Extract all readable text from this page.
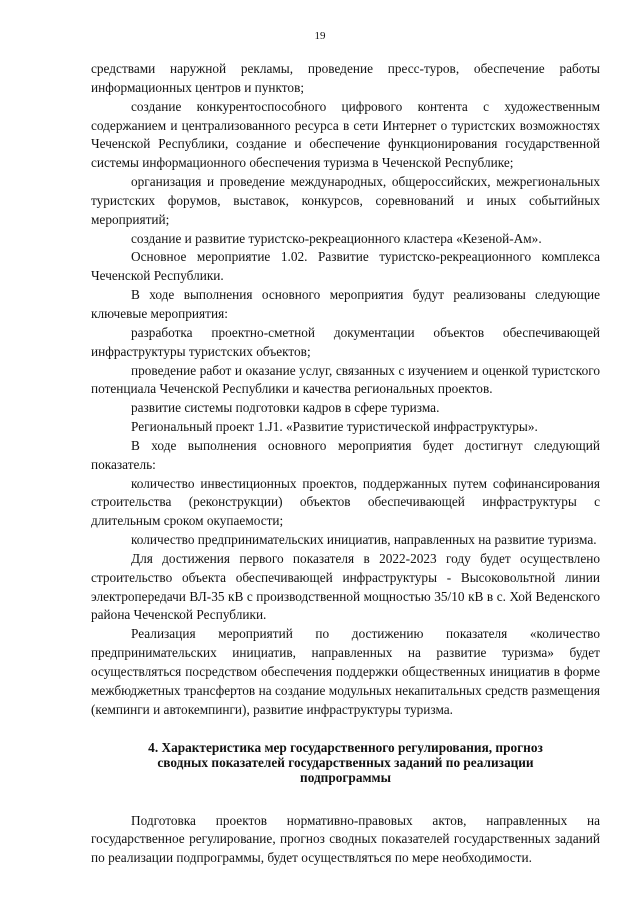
19

средствами наружной рекламы, проведение пресс-туров, обеспечение работы информационных центров и пунктов;

создание конкурентоспособного цифрового контента с художественным содержанием и централизованного ресурса в сети Интернет о туристских возможностях Чеченской Республики, создание и обеспечение функционирования государственной системы информационного обеспечения туризма в Чеченской Республике;

организация и проведение международных, общероссийских, межрегиональных туристских форумов, выставок, конкурсов, соревнований и иных событийных мероприятий;

создание и развитие туристско-рекреационного кластера «Кезеной-Ам».

Основное мероприятие 1.02. Развитие туристско-рекреационного комплекса Чеченской Республики.

В ходе выполнения основного мероприятия будут реализованы следующие ключевые мероприятия:

разработка проектно-сметной документации объектов обеспечивающей инфраструктуры туристских объектов;

проведение работ и оказание услуг, связанных с изучением и оценкой туристского потенциала Чеченской Республики и качества региональных проектов.

развитие системы подготовки кадров в сфере туризма.

Региональный проект 1.J1. «Развитие туристической инфраструктуры».

В ходе выполнения основного мероприятия будет достигнут следующий показатель:

количество инвестиционных проектов, поддержанных путем софинансирования строительства (реконструкции) объектов обеспечивающей инфраструктуры с длительным сроком окупаемости;

количество предпринимательских инициатив, направленных на развитие туризма.

Для достижения первого показателя в 2022-2023 году будет осуществлено строительство объекта обеспечивающей инфраструктуры - Высоковольтной линии электропередачи ВЛ-35 кВ с производственной мощностью 35/10 кВ в с. Хой Веденского района Чеченской Республики.

Реализация мероприятий по достижению показателя «количество предпринимательских инициатив, направленных на развитие туризма» будет осуществляться посредством обеспечения поддержки общественных инициатив в форме межбюджетных трансфертов на создание модульных некапитальных средств размещения (кемпинги и автокемпинги), развитие инфраструктуры туризма.

4. Характеристика мер государственного регулирования, прогноз
сводных показателей государственных заданий по реализации
подпрограммы

Подготовка проектов нормативно-правовых актов, направленных на государственное регулирование, прогноз сводных показателей государственных заданий по реализации подпрограммы, будет осуществляться по мере необходимости.
